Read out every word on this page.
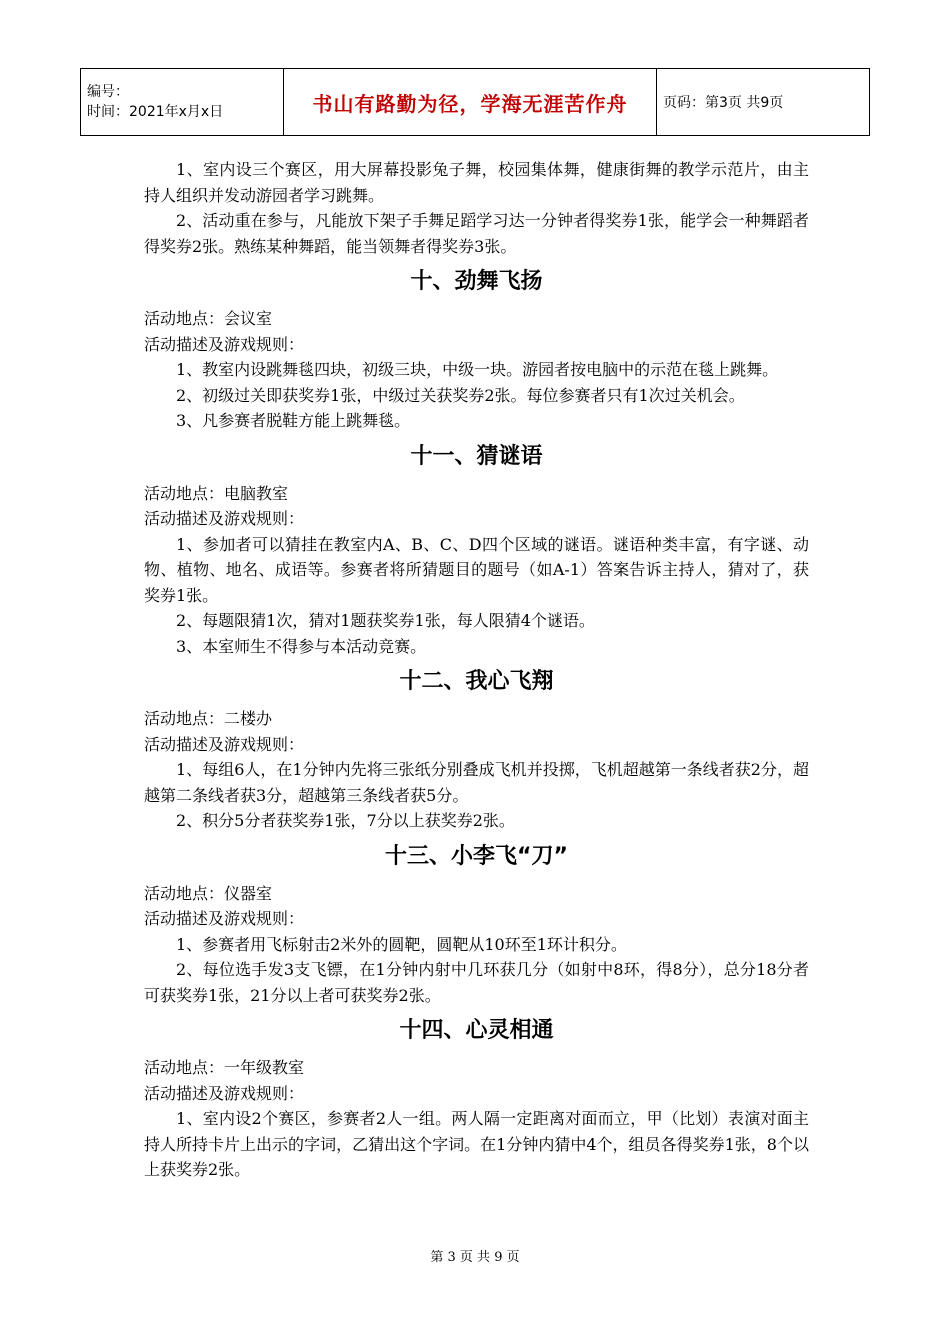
编号：
时间：2021年x月x日	书山有路勤为径，学海无涯苦作舟	页码：第3页 共9页

1、室内设三个赛区，用大屏幕投影兔子舞，校园集体舞，健康街舞的教学示范片，由主持人组织并发动游园者学习跳舞。

2、活动重在参与，凡能放下架子手舞足蹈学习达一分钟者得奖券1张，能学会一种舞蹈者得奖券2张。熟练某种舞蹈，能当领舞者得奖券3张。

十、劲舞飞扬

活动地点：会议室

活动描述及游戏规则：

1、教室内设跳舞毯四块，初级三块，中级一块。游园者按电脑中的示范在毯上跳舞。

2、初级过关即获奖券1张，中级过关获奖券2张。每位参赛者只有1次过关机会。

3、凡参赛者脱鞋方能上跳舞毯。

十一、猜谜语

活动地点：电脑教室

活动描述及游戏规则：

1、参加者可以猜挂在教室内A、B、C、D四个区域的谜语。谜语种类丰富，有字谜、动物、植物、地名、成语等。参赛者将所猜题目的题号（如A-1）答案告诉主持人，猜对了，获奖券1张。

2、每题限猜1次，猜对1题获奖券1张，每人限猜4个谜语。

3、本室师生不得参与本活动竞赛。

十二、我心飞翔

活动地点：二楼办

活动描述及游戏规则：

1、每组6人，在1分钟内先将三张纸分别叠成飞机并投掷，飞机超越第一条线者获2分，超越第二条线者获3分，超越第三条线者获5分。

2、积分5分者获奖券1张，7分以上获奖券2张。

十三、小李飞“刀”

活动地点：仪器室

活动描述及游戏规则：

1、参赛者用飞标射击2米外的圆靶，圆靶从10环至1环计积分。

2、每位选手发3支飞镖，在1分钟内射中几环获几分（如射中8环，得8分），总分18分者可获奖券1张，21分以上者可获奖券2张。

十四、心灵相通

活动地点：一年级教室

活动描述及游戏规则：

1、室内设2个赛区，参赛者2人一组。两人隔一定距离对面而立，甲（比划）表演对面主持人所持卡片上出示的字词，乙猜出这个字词。在1分钟内猜中4个，组员各得奖券1张，8个以上获奖券2张。

第 3 页 共 9 页
